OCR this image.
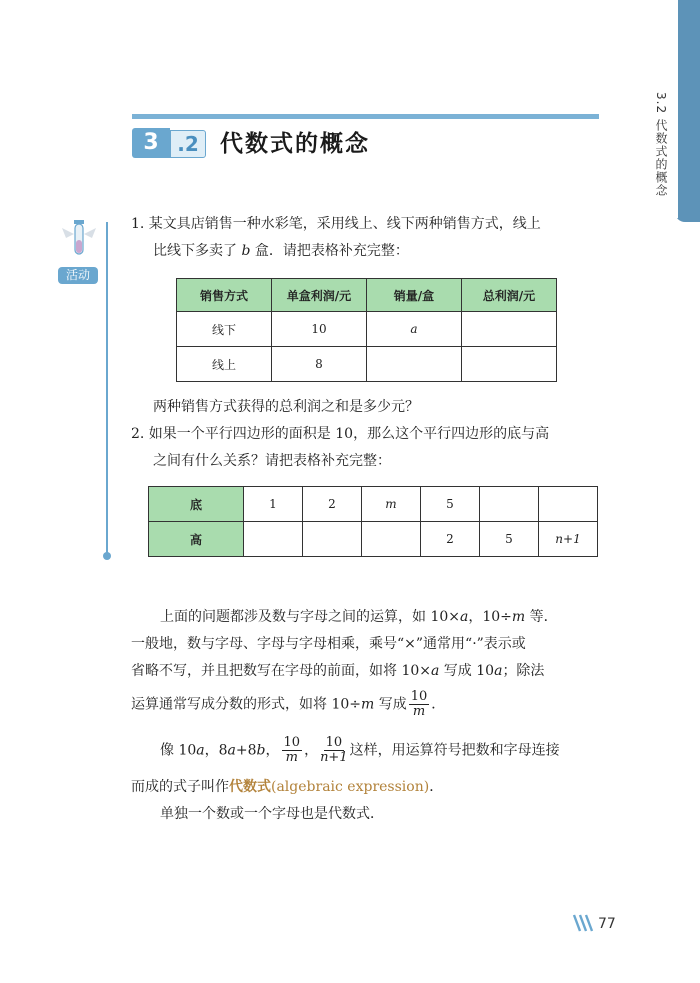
3.2 代数式的概念
3 .2 代数式的概念
活动
1. 某文具店销售一种水彩笔，采用线上、线下两种销售方式，线上
比线下多卖了 b 盒．请把表格补充完整：
销售方式	单盒利润/元	销量/盒	总利润/元
线下	10	a	
线上	8		
两种销售方式获得的总利润之和是多少元？
2. 如果一个平行四边形的面积是 10，那么这个平行四边形的底与高
之间有什么关系？请把表格补充完整：
底	1	2	m	5		
高				2	5	n+1
上面的问题都涉及数与字母之间的运算，如 10×a，10÷m 等．
一般地，数与字母、字母与字母相乘，乘号“×”通常用“·”表示或
省略不写，并且把数写在字母的前面，如将 10×a 写成 10a；除法
运算通常写成分数的形式，如将 10÷m 写成 $\frac{10}{m}$ ．
像 10a，8a+8b， $\frac{10}{m}$ ， $\frac{10}{n+1}$ 这样，用运算符号把数和字母连接
而成的式子叫作代数式(algebraic expression)．
单独一个数或一个字母也是代数式．
77
